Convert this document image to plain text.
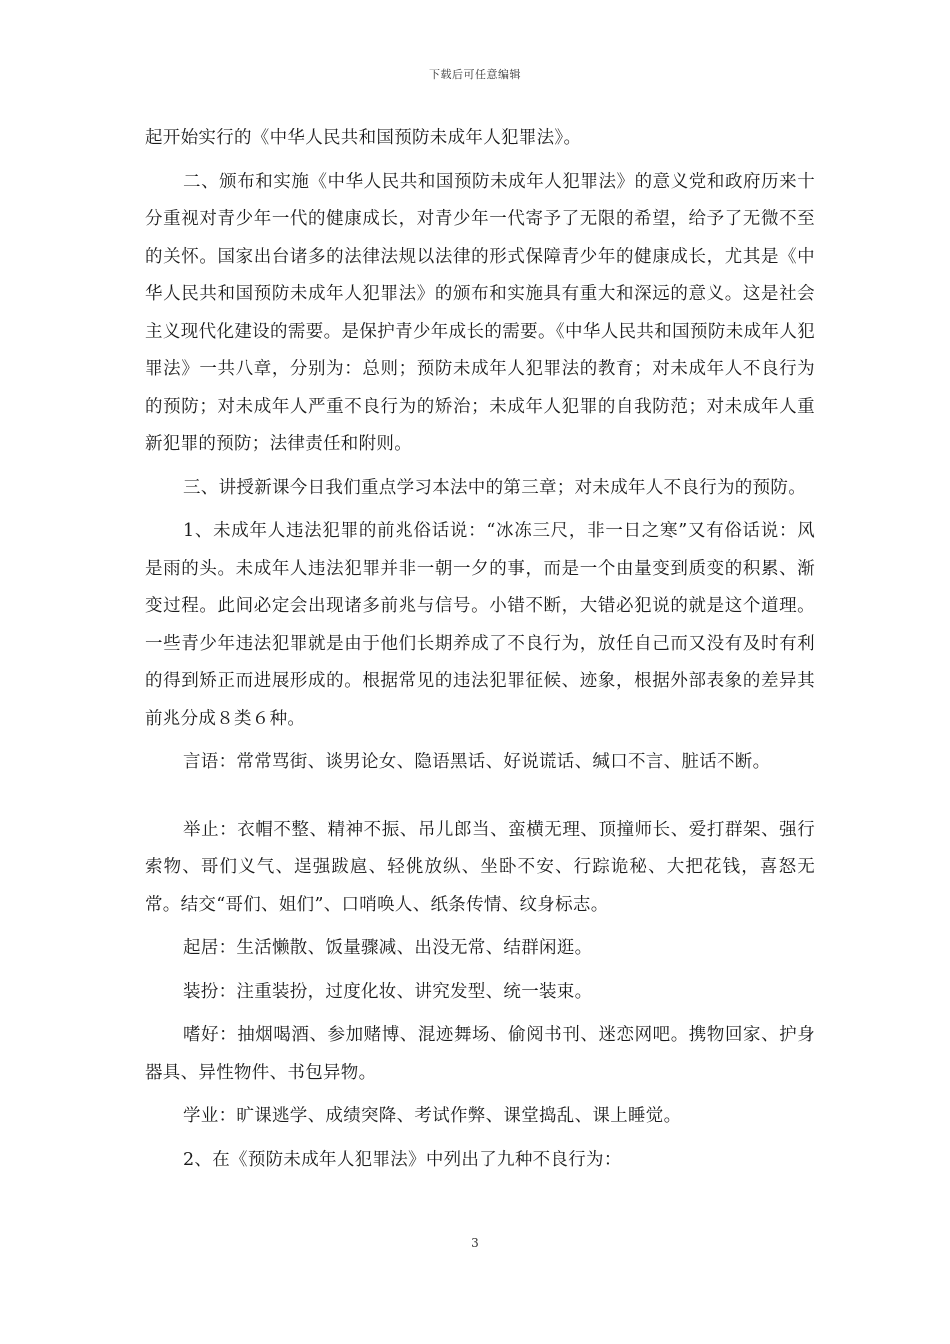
下载后可任意编辑

起开始实行的《中华人民共和国预防未成年人犯罪法》。

二、颁布和实施《中华人民共和国预防未成年人犯罪法》的意义党和政府历来十分重视对青少年一代的健康成长，对青少年一代寄予了无限的希望，给予了无微不至的关怀。国家出台诸多的法律法规以法律的形式保障青少年的健康成长，尤其是《中华人民共和国预防未成年人犯罪法》的颁布和实施具有重大和深远的意义。这是社会主义现代化建设的需要。是保护青少年成长的需要。《中华人民共和国预防未成年人犯罪法》一共八章，分别为：总则；预防未成年人犯罪法的教育；对未成年人不良行为的预防；对未成年人严重不良行为的矫治；未成年人犯罪的自我防范；对未成年人重新犯罪的预防；法律责任和附则。

三、讲授新课今日我们重点学习本法中的第三章；对未成年人不良行为的预防。

1、未成年人违法犯罪的前兆俗话说：“冰冻三尺，非一日之寒”又有俗话说：风是雨的头。未成年人违法犯罪并非一朝一夕的事，而是一个由量变到质变的积累、渐变过程。此间必定会出现诸多前兆与信号。小错不断，大错必犯说的就是这个道理。一些青少年违法犯罪就是由于他们长期养成了不良行为，放任自己而又没有及时有利的得到矫正而进展形成的。根据常见的违法犯罪征候、迹象，根据外部表象的差异其前兆分成８类６种。

言语：常常骂街、谈男论女、隐语黑话、好说谎话、缄口不言、脏话不断。

举止：衣帽不整、精神不振、吊儿郎当、蛮横无理、顶撞师长、爱打群架、强行索物、哥们义气、逞强跋扈、轻佻放纵、坐卧不安、行踪诡秘、大把花钱，喜怒无常。结交“哥们、姐们”、口哨唤人、纸条传情、纹身标志。

起居：生活懒散、饭量骤减、出没无常、结群闲逛。

装扮：注重装扮，过度化妆、讲究发型、统一装束。

嗜好：抽烟喝酒、参加赌博、混迹舞场、偷阅书刊、迷恋网吧。携物回家、护身器具、异性物件、书包异物。

学业：旷课逃学、成绩突降、考试作弊、课堂捣乱、课上睡觉。

2、在《预防未成年人犯罪法》中列出了九种不良行为：

3
